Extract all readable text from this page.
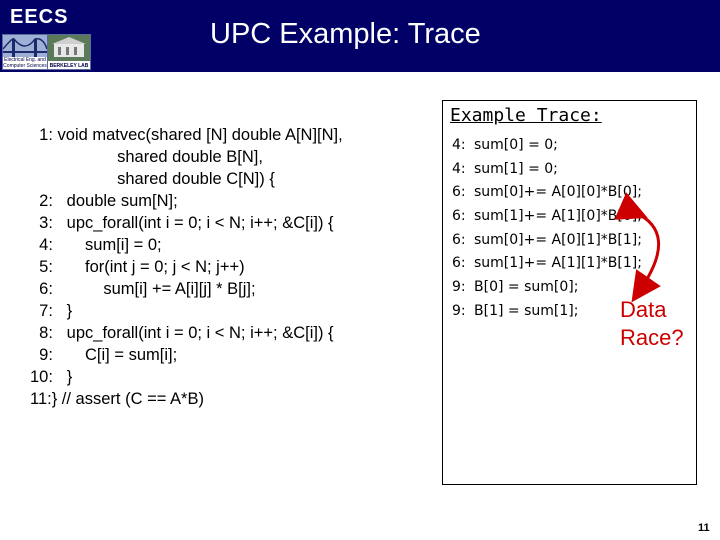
EECS
Electrical Eng. and Computer Sciences BERKELEY LAB
UPC Example: Trace
1: void matvec(shared [N] double A[N][N],
shared double B[N],
shared double C[N]) {
2:   double sum[N];
3:   upc_forall(int i = 0; i < N; i++; &C[i]) {
4:       sum[i] = 0;
5:       for(int j = 0; j < N; j++)
6:           sum[i] += A[i][j] * B[j];
7:   }
8:   upc_forall(int i = 0; i < N; i++; &C[i]) {
9:       C[i] = sum[i];
10:   }
11:} // assert (C == A*B)
Example Trace:
4: sum[0] = 0;
4: sum[1] = 0;
6: sum[0]+= A[0][0]*B[0];
6: sum[1]+= A[1][0]*B[0];
6: sum[0]+= A[0][1]*B[1];
6: sum[1]+= A[1][1]*B[1];
9: B[0] = sum[0];
9: B[1] = sum[1];	Data
Race?
11
